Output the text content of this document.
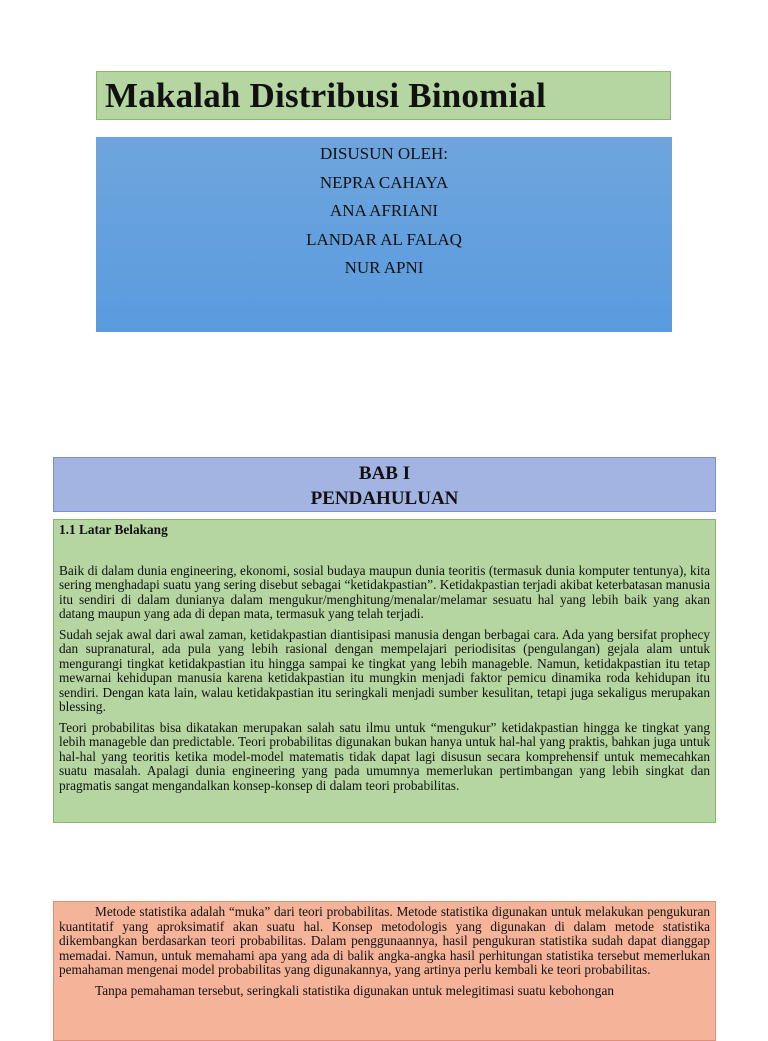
Makalah Distribusi Binomial
DISUSUN OLEH:
NEPRA CAHAYA
ANA AFRIANI
LANDAR AL FALAQ
NUR APNI
BAB I
PENDAHULUAN
1.1 Latar Belakang

Baik di dalam dunia engineering, ekonomi, sosial budaya maupun dunia teoritis (termasuk dunia komputer tentunya), kita sering menghadapi suatu yang sering disebut sebagai “ketidakpastian”. Ketidakpastian terjadi akibat keterbatasan manusia itu sendiri di dalam dunianya dalam mengukur/menghitung/menalar/melamar sesuatu hal yang lebih baik yang akan datang maupun yang ada di depan mata, termasuk yang telah terjadi.

Sudah sejak awal dari awal zaman, ketidakpastian diantisipasi manusia dengan berbagai cara. Ada yang bersifat prophecy dan supranatural, ada pula yang lebih rasional dengan mempelajari periodisitas (pengulangan) gejala alam untuk mengurangi tingkat ketidakpastian itu hingga sampai ke tingkat yang lebih manageble. Namun, ketidakpastian itu tetap mewarnai kehidupan manusia karena ketidakpastian itu mungkin menjadi faktor pemicu dinamika roda kehidupan itu sendiri. Dengan kata lain, walau ketidakpastian itu seringkali menjadi sumber kesulitan, tetapi juga sekaligus merupakan blessing.

Teori probabilitas bisa dikatakan merupakan salah satu ilmu untuk “mengukur” ketidakpastian hingga ke tingkat yang lebih manageble dan predictable. Teori probabilitas digunakan bukan hanya untuk hal-hal yang praktis, bahkan juga untuk hal-hal yang teoritis ketika model-model matematis tidak dapat lagi disusun secara komprehensif untuk memecahkan suatu masalah. Apalagi dunia engineering yang pada umumnya memerlukan pertimbangan yang lebih singkat dan pragmatis sangat mengandalkan konsep-konsep di dalam teori probabilitas.

Metode statistika adalah “muka” dari teori probabilitas. Metode statistika digunakan untuk melakukan pengukuran kuantitatif yang aproksimatif akan suatu hal. Konsep metodologis yang digunakan di dalam metode statistika dikembangkan berdasarkan teori probabilitas. Dalam penggunaannya, hasil pengukuran statistika sudah dapat dianggap memadai. Namun, untuk memahami apa yang ada di balik angka-angka hasil perhitungan statistika tersebut memerlukan pemahaman mengenai model probabilitas yang digunakannya, yang artinya perlu kembali ke teori probabilitas.

Tanpa pemahaman tersebut, seringkali statistika digunakan untuk melegitimasi suatu kebohongan
